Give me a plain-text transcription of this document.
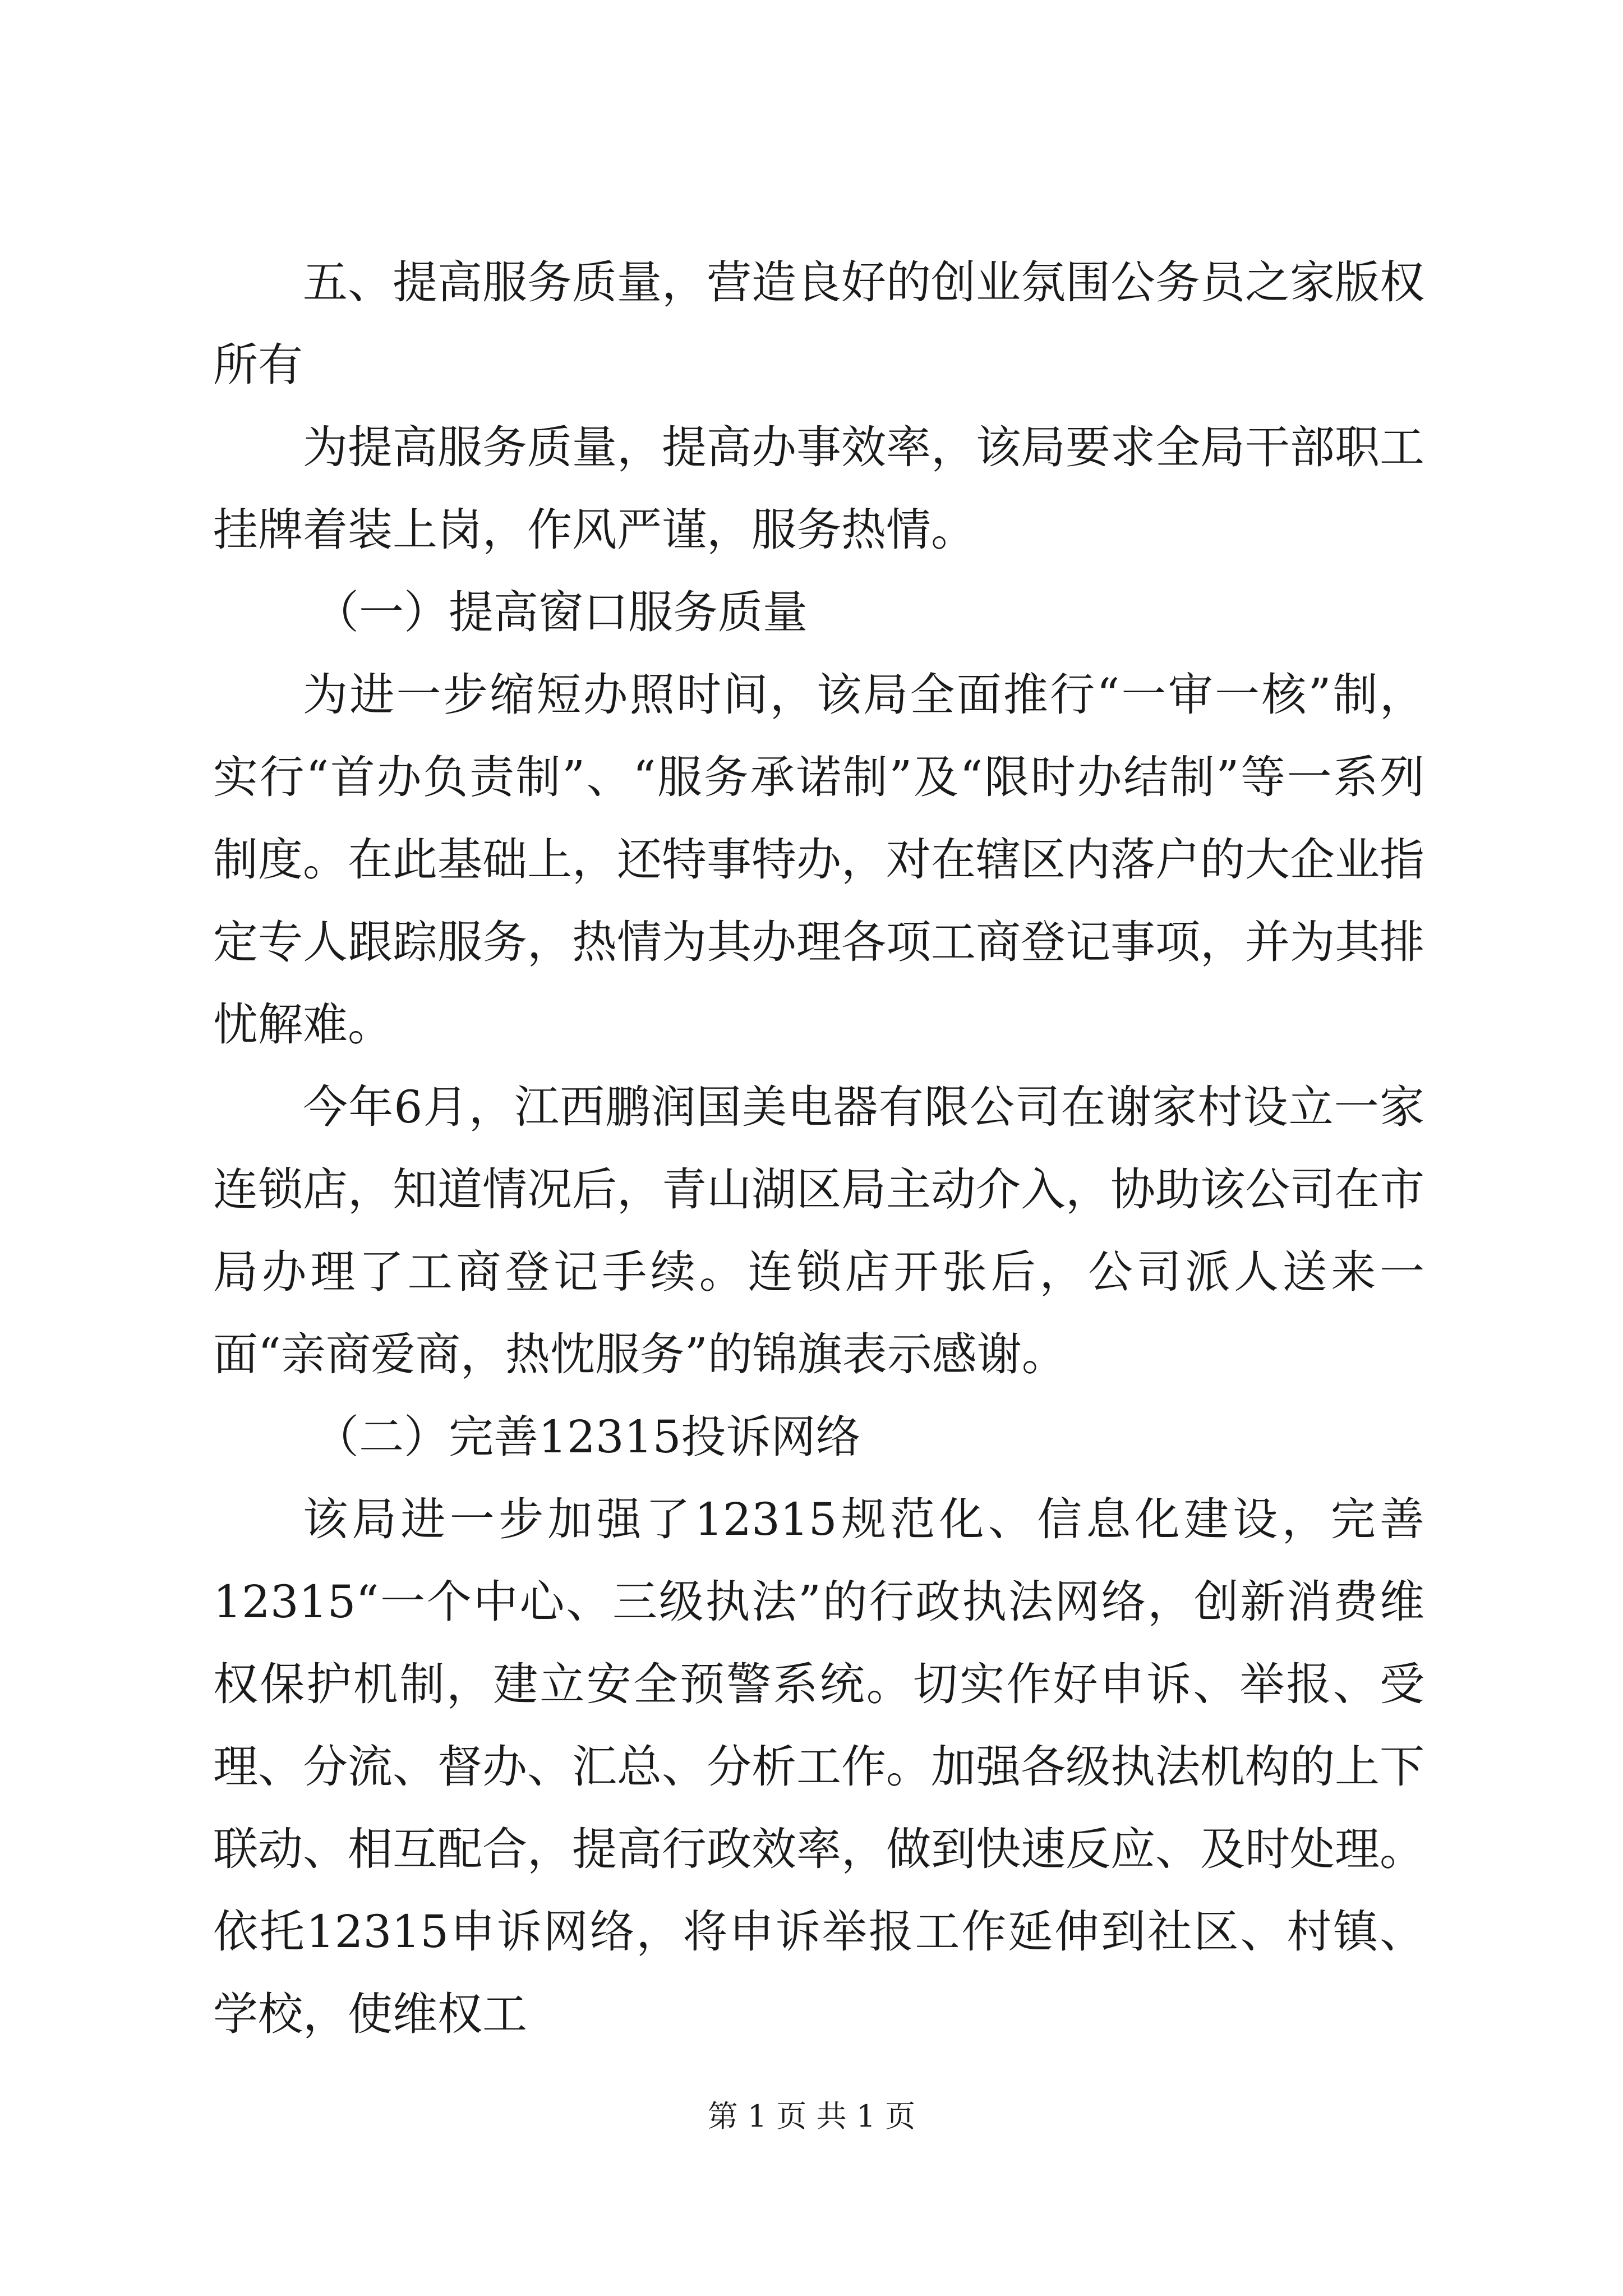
五、提高服务质量，营造良好的创业氛围公务员之家版权所有

为提高服务质量，提高办事效率，该局要求全局干部职工挂牌着装上岗，作风严谨，服务热情。

（一）提高窗口服务质量

为进一步缩短办照时间，该局全面推行“一审一核”制，实行“首办负责制”、“服务承诺制”及“限时办结制”等一系列制度。在此基础上，还特事特办，对在辖区内落户的大企业指定专人跟踪服务，热情为其办理各项工商登记事项，并为其排忧解难。

今年6月，江西鹏润国美电器有限公司在谢家村设立一家连锁店，知道情况后，青山湖区局主动介入，协助该公司在市局办理了工商登记手续。连锁店开张后，公司派人送来一面“亲商爱商，热忱服务”的锦旗表示感谢。

（二）完善12315投诉网络

该局进一步加强了12315规范化、信息化建设，完善12315“一个中心、三级执法”的行政执法网络，创新消费维权保护机制，建立安全预警系统。切实作好申诉、举报、受理、分流、督办、汇总、分析工作。加强各级执法机构的上下联动、相互配合，提高行政效率，做到快速反应、及时处理。依托12315申诉网络，将申诉举报工作延伸到社区、村镇、学校，使维权工

第 1 页 共 1 页
